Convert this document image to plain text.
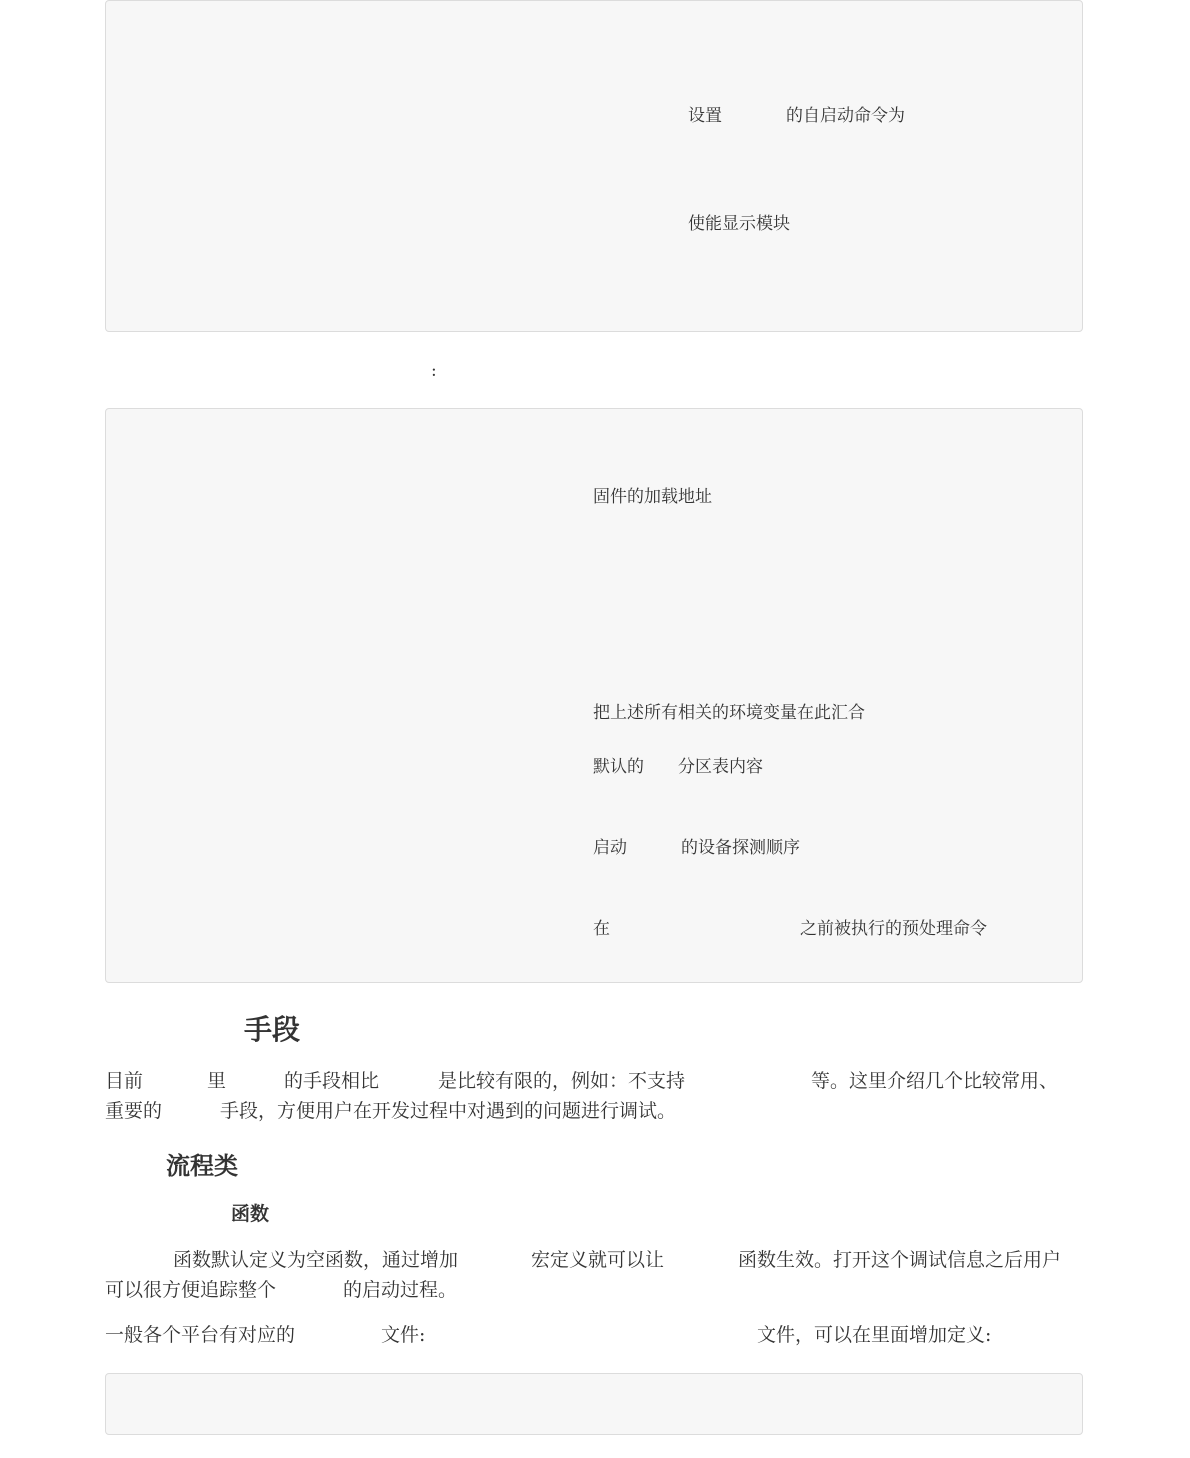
设置	的自启动命令为
使能显示模块
:
固件的加载地址
把上述所有相关的环境变量在此汇合
默认的 分区表内容
启动	的设备探测顺序
在	之前被执行的预处理命令
手段
目前	里	的手段相比	是比较有限的，例如：不支持	等。这里介绍几个比较常用、
重要的	手段，方便用户在开发过程中对遇到的问题进行调试。
流程类
函数
函数默认定义为空函数，通过增加	宏定义就可以让	函数生效。打开这个调试信息之后用户
可以很方便追踪整个	的启动过程。
一般各个平台有对应的	文件:	文件，可以在里面增加定义:
